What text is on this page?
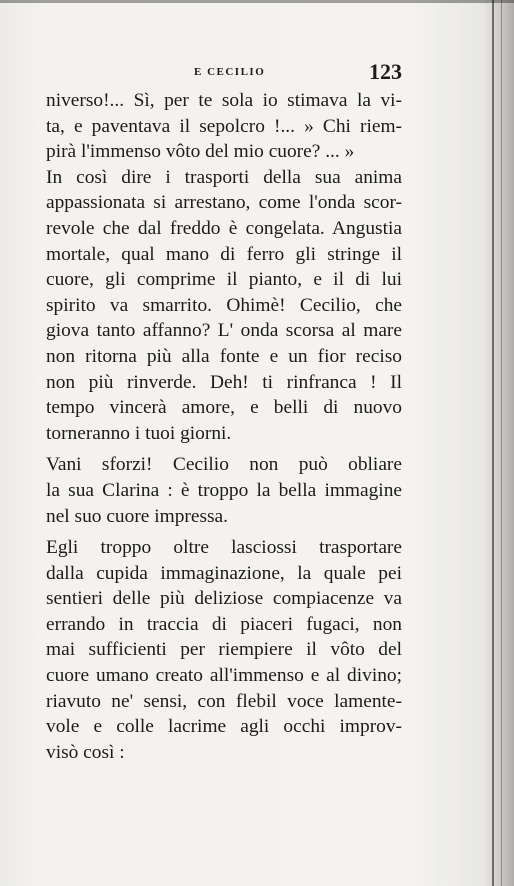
E CECILIO	123

niverso!... Sì, per te sola io stimava la vi-
ta, e paventava il sepolcro !... » Chi riem-
pirà l'immenso vôto del mio cuore? ... »
In così dire i trasporti della sua anima
appassionata si arrestano, come l'onda scor-
revole che dal freddo è congelata. Angustia
mortale, qual mano di ferro gli stringe il
cuore, gli comprime il pianto, e il di lui
spirito va smarrito. Ohimè! Cecilio, che
giova tanto affanno? L' onda scorsa al mare
non ritorna più alla fonte e un fior reciso
non più rinverde. Deh! ti rinfranca ! Il
tempo vincerà amore, e belli di nuovo
torneranno i tuoi giorni.

Vani sforzi! Cecilio non può obliare
la sua Clarina : è troppo la bella immagine
nel suo cuore impressa.

Egli troppo oltre lasciossi trasportare
dalla cupida immaginazione, la quale pei
sentieri delle più deliziose compiacenze va
errando in traccia di piaceri fugaci, non
mai sufficienti per riempiere il vôto del
cuore umano creato all'immenso e al divino;
riavuto ne' sensi, con flebil voce lamente-
vole e colle lacrime agli occhi improv-
visò così :
